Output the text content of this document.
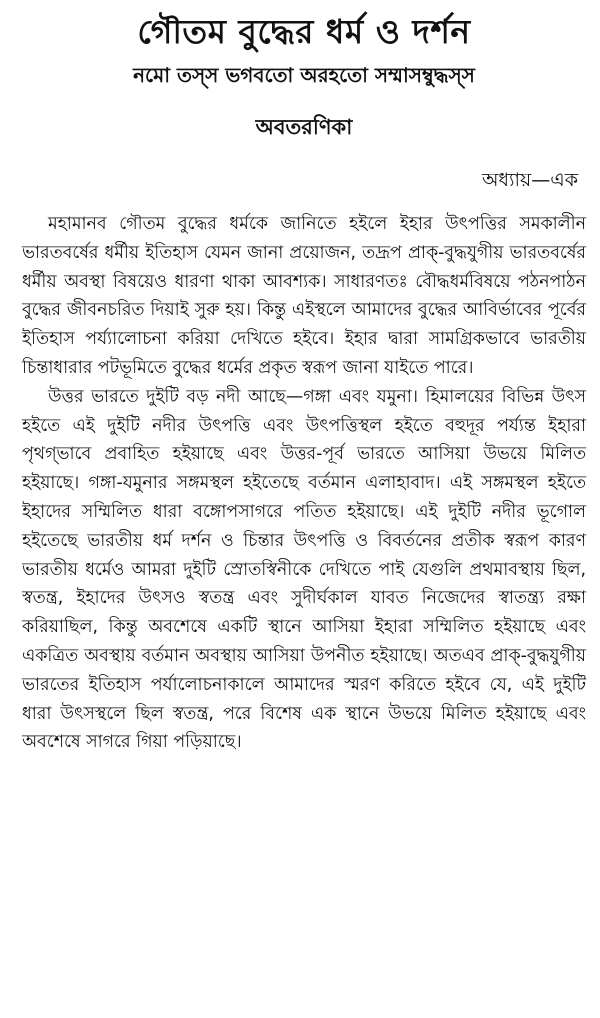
গৌতম বুদ্ধের ধর্ম ও দর্শন
নমো তস্‌স ভগবতো অরহতো সম্মাসম্বুদ্ধস্‌স
অবতরণিকা
অধ্যায়—এক

মহামানব গৌতম বুদ্ধের ধর্মকে জানিতে হইলে ইহার উৎপত্তির সমকালীন ভারতবর্ষের ধর্মীয় ইতিহাস যেমন জানা প্রয়োজন, তদ্রূপ প্রাক্‌-বুদ্ধযুগীয় ভারতবর্ষের ধর্মীয় অবস্থা বিষয়েও ধারণা থাকা আবশ্যক। সাধারণতঃ বৌদ্ধধর্মবিষয়ে পঠনপাঠন বুদ্ধের জীবনচরিত দিয়াই সুরু হয়। কিন্তু এইস্থলে আমাদের বুদ্ধের আবির্ভাবের পূর্বের ইতিহাস পর্য্যালোচনা করিয়া দেখিতে হইবে। ইহার দ্বারা সামগ্রিকভাবে ভারতীয় চিন্তাধারার পটভূমিতে বুদ্ধের ধর্মের প্রকৃত স্বরূপ জানা যাইতে পারে।

উত্তর ভারতে দুইটি বড় নদী আছে—গঙ্গা এবং যমুনা। হিমালয়ের বিভিন্ন উৎস হইতে এই দুইটি নদীর উৎপত্তি এবং উৎপত্তিস্থল হইতে বহুদূর পর্য্যন্ত ইহারা পৃথগ্‌ভাবে প্রবাহিত হইয়াছে এবং উত্তর-পূর্ব ভারতে আসিয়া উভয়ে মিলিত হইয়াছে। গঙ্গা-যমুনার সঙ্গমস্থল হইতেছে বর্তমান এলাহাবাদ। এই সঙ্গমস্থল হইতে ইহাদের সম্মিলিত ধারা বঙ্গোপসাগরে পতিত হইয়াছে। এই দুইটি নদীর ভূগোল হইতেছে ভারতীয় ধর্ম দর্শন ও চিন্তার উৎপত্তি ও বিবর্তনের প্রতীক স্বরূপ কারণ ভারতীয় ধর্মেও আমরা দুইটি স্রোতস্বিনীকে দেখিতে পাই যেগুলি প্রথমাবস্থায় ছিল, স্বতন্ত্র, ইহাদের উৎসও স্বতন্ত্র এবং সুদীর্ঘকাল যাবত নিজেদের স্বাতন্ত্র্য রক্ষা করিয়াছিল, কিন্তু অবশেষে একটি স্থানে আসিয়া ইহারা সম্মিলিত হইয়াছে এবং একত্রিত অবস্থায় বর্তমান অবস্থায় আসিয়া উপনীত হইয়াছে। অতএব প্রাক্‌-বুদ্ধযুগীয় ভারতের ইতিহাস পর্যালোচনাকালে আমাদের স্মরণ করিতে হইবে যে, এই দুইটি ধারা উৎসস্থলে ছিল স্বতন্ত্র, পরে বিশেষ এক স্থানে উভয়ে মিলিত হইয়াছে এবং অবশেষে সাগরে গিয়া পড়িয়াছে।
